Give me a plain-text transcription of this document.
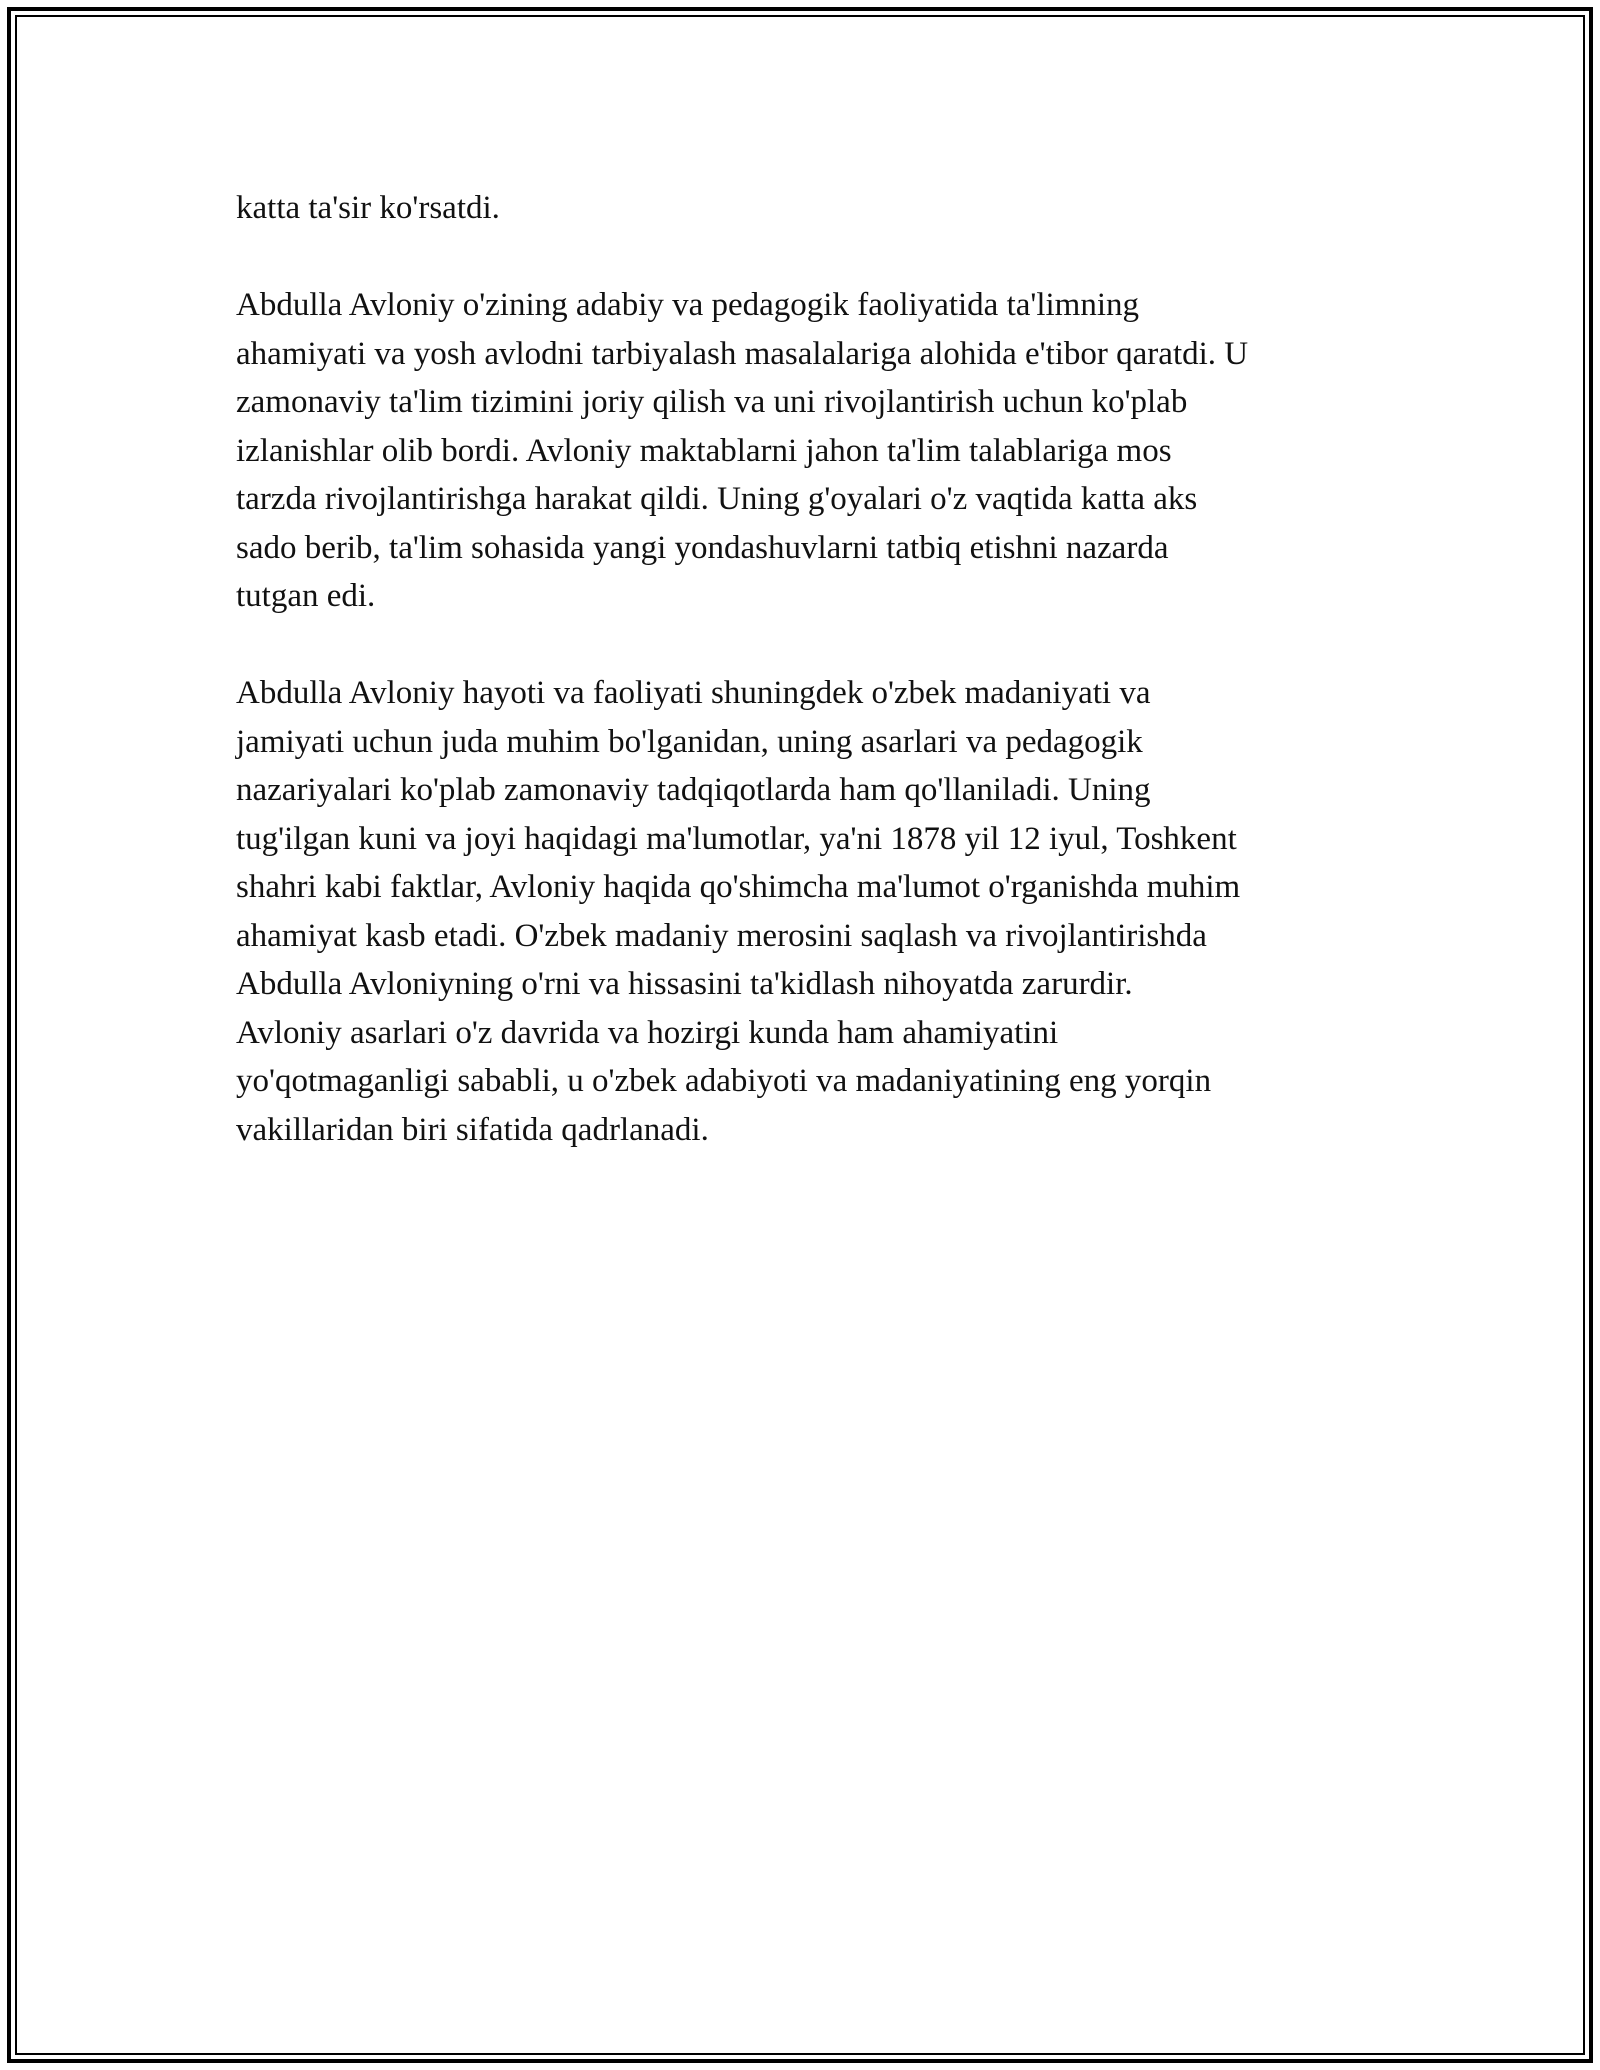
katta ta'sir ko'rsatdi.

Abdulla Avloniy o'zining adabiy va pedagogik faoliyatida ta'limning
ahamiyati va yosh avlodni tarbiyalash masalalariga alohida e'tibor qaratdi. U
zamonaviy ta'lim tizimini joriy qilish va uni rivojlantirish uchun ko'plab
izlanishlar olib bordi. Avloniy maktablarni jahon ta'lim talablariga mos
tarzda rivojlantirishga harakat qildi. Uning g'oyalari o'z vaqtida katta aks
sado berib, ta'lim sohasida yangi yondashuvlarni tatbiq etishni nazarda
tutgan edi.

Abdulla Avloniy hayoti va faoliyati shuningdek o'zbek madaniyati va
jamiyati uchun juda muhim bo'lganidan, uning asarlari va pedagogik
nazariyalari ko'plab zamonaviy tadqiqotlarda ham qo'llaniladi. Uning
tug'ilgan kuni va joyi haqidagi ma'lumotlar, ya'ni 1878 yil 12 iyul, Toshkent
shahri kabi faktlar, Avloniy haqida qo'shimcha ma'lumot o'rganishda muhim
ahamiyat kasb etadi. O'zbek madaniy merosini saqlash va rivojlantirishda
Abdulla Avloniyning o'rni va hissasini ta'kidlash nihoyatda zarurdir.
Avloniy asarlari o'z davrida va hozirgi kunda ham ahamiyatini
yo'qotmaganligi sababli, u o'zbek adabiyoti va madaniyatining eng yorqin
vakillaridan biri sifatida qadrlanadi.
